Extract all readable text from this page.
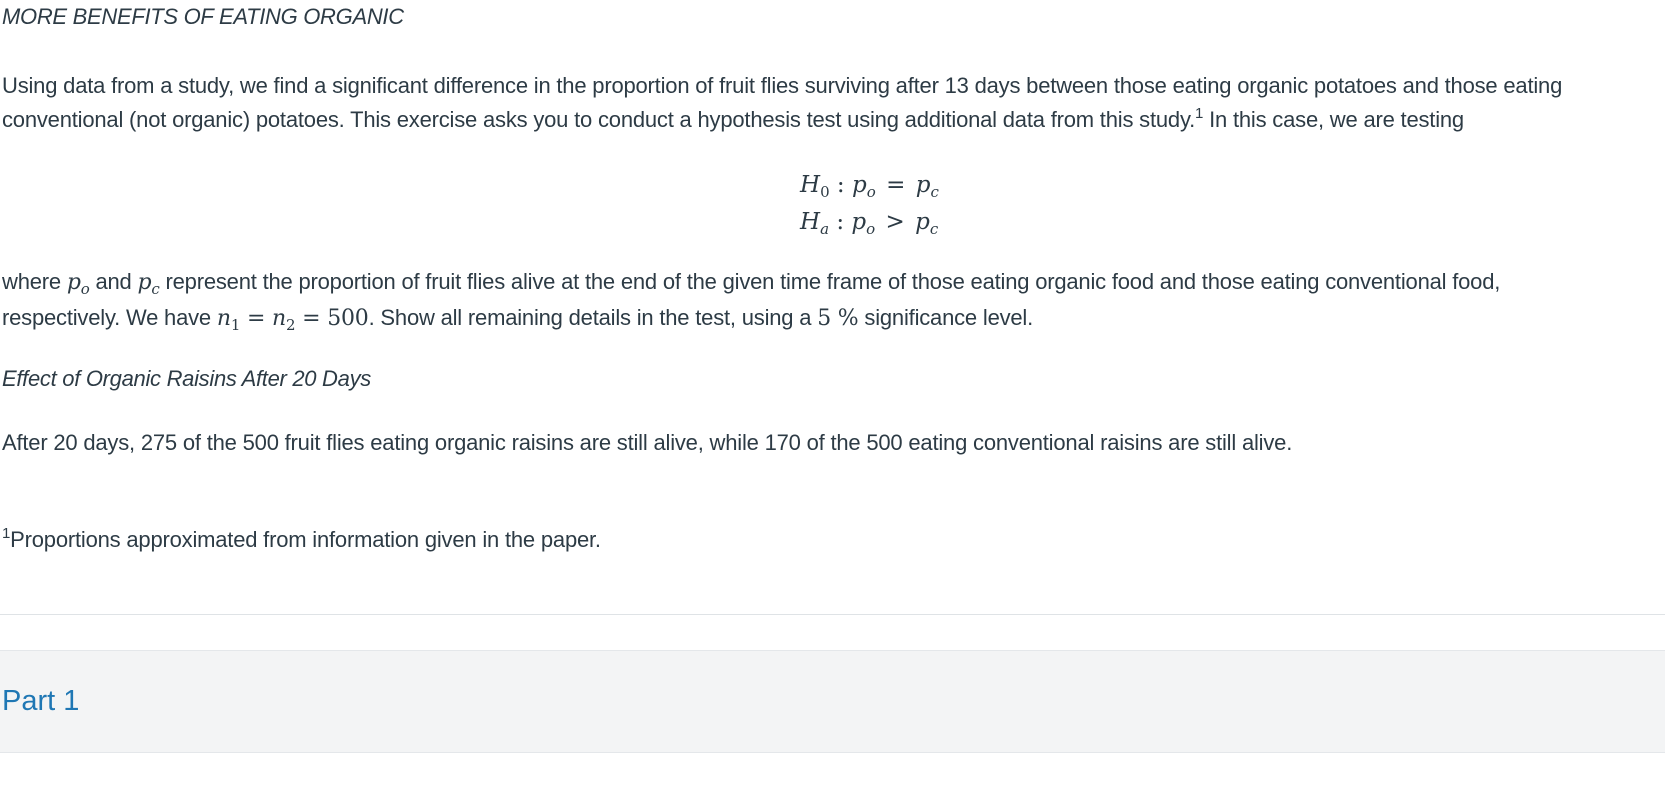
MORE BENEFITS OF EATING ORGANIC
Using data from a study, we find a significant difference in the proportion of fruit flies surviving after 13 days between those eating organic potatoes and those eating
conventional (not organic) potatoes. This exercise asks you to conduct a hypothesis test using additional data from this study.$^1$ In this case, we are testing
$H_0$ : $p_o = p_c$
$H_a$ : $p_o > p_c$
where $p_o$ and $p_c$ represent the proportion of fruit flies alive at the end of the given time frame of those eating organic food and those eating conventional food,
respectively. We have $n_1 = n_2 = 500$. Show all remaining details in the test, using a 5 % significance level.
Effect of Organic Raisins After 20 Days
After 20 days, 275 of the 500 fruit flies eating organic raisins are still alive, while 170 of the 500 eating conventional raisins are still alive.
$^1$Proportions approximated from information given in the paper.
Part 1
